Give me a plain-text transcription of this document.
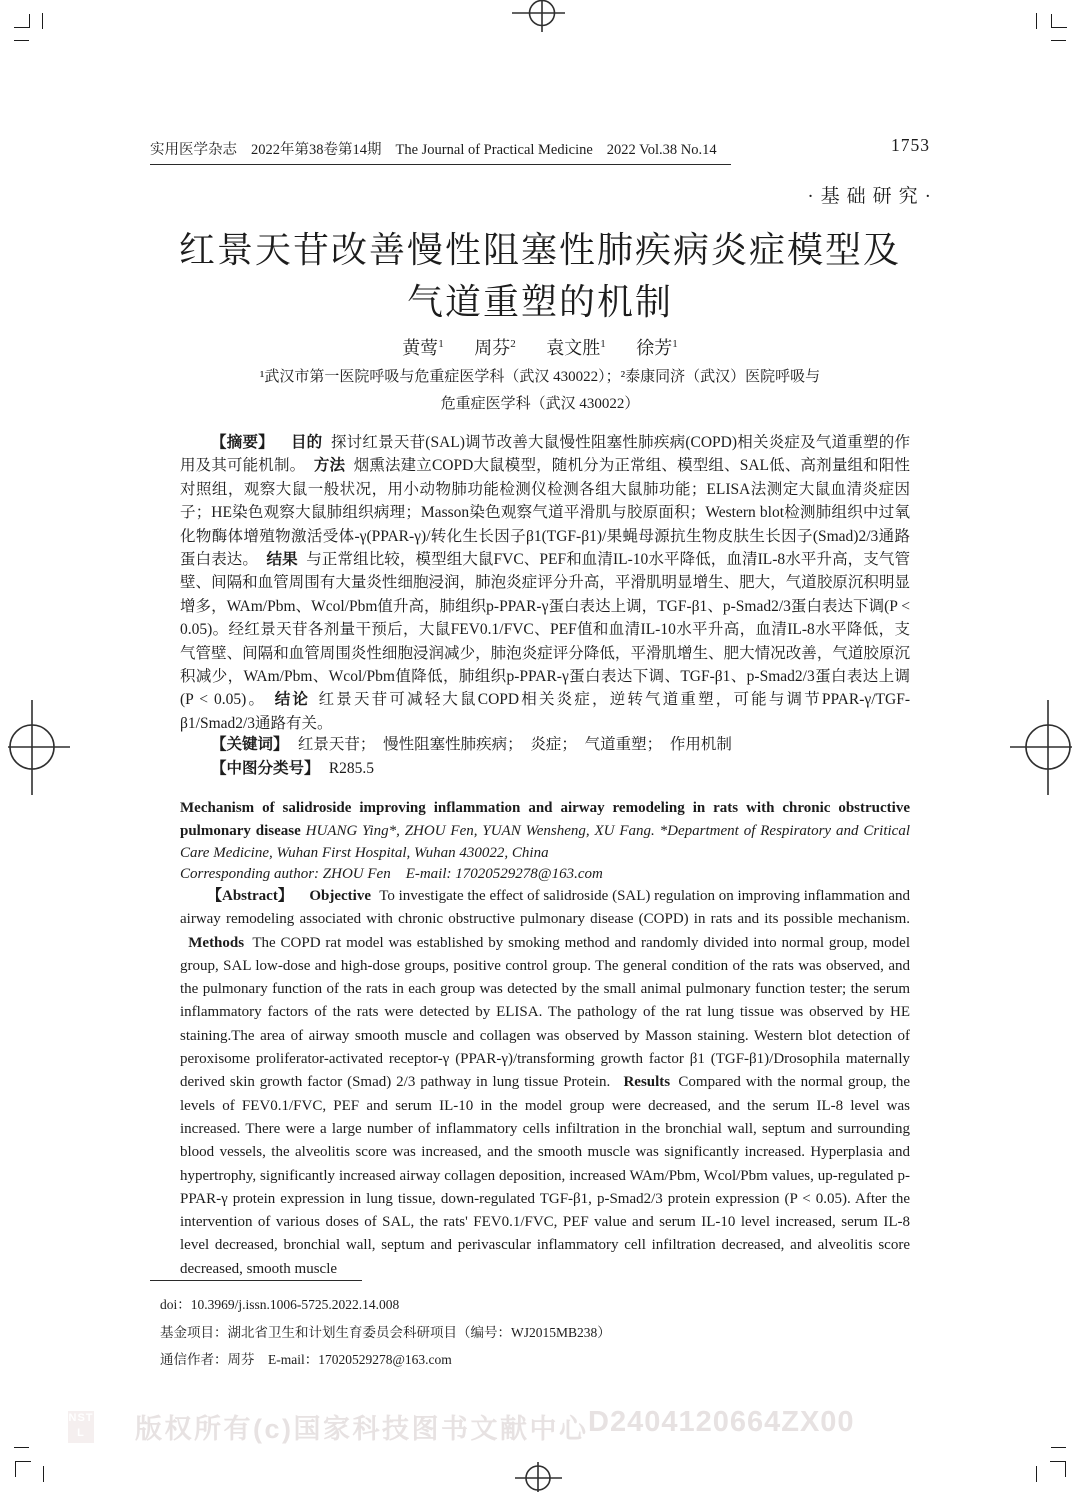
实用医学杂志 2022年第38卷第14期 The Journal of Practical Medicine 2022 Vol.38 No.14	1753
·基础研究·
红景天苷改善慢性阻塞性肺疾病炎症模型及
气道重塑的机制
黄莺$^1$ 周芬$^2$ 袁文胜$^1$ 徐芳$^1$
¹武汉市第一医院呼吸与危重症医学科（武汉 430022）；²泰康同济（武汉）医院呼吸与
危重症医学科（武汉 430022）
【摘要】 目的 探讨红景天苷(SAL)调节改善大鼠慢性阻塞性肺疾病(COPD)相关炎症及气道重塑的作用及其可能机制。 方法 烟熏法建立COPD大鼠模型，随机分为正常组、模型组、SAL低、高剂量组和阳性对照组，观察大鼠一般状况，用小动物肺功能检测仪检测各组大鼠肺功能；ELISA法测定大鼠血清炎症因子；HE染色观察大鼠肺组织病理；Masson染色观察气道平滑肌与胶原面积；Western blot检测肺组织中过氧化物酶体增殖物激活受体-γ(PPAR-γ)/转化生长因子β1(TGF-β1)/果蝇母源抗生物皮肤生长因子(Smad)2/3通路蛋白表达。 结果 与正常组比较，模型组大鼠FVC、PEF和血清IL-10水平降低，血清IL-8水平升高，支气管壁、间隔和血管周围有大量炎性细胞浸润，肺泡炎症评分升高，平滑肌明显增生、肥大，气道胶原沉积明显增多，WAm/Pbm、Wcol/Pbm值升高，肺组织p-PPAR-γ蛋白表达上调，TGF-β1、p-Smad2/3蛋白表达下调(P < 0.05)。经红景天苷各剂量干预后，大鼠FEV0.1/FVC、PEF值和血清IL-10水平升高，血清IL-8水平降低，支气管壁、间隔和血管周围炎性细胞浸润减少，肺泡炎症评分降低，平滑肌增生、肥大情况改善，气道胶原沉积减少，WAm/Pbm、Wcol/Pbm值降低，肺组织p-PPAR-γ蛋白表达下调、TGF-β1、p-Smad2/3蛋白表达上调(P < 0.05)。 结论 红景天苷可减轻大鼠COPD相关炎症，逆转气道重塑，可能与调节PPAR-γ/TGF-β1/Smad2/3通路有关。
【关键词】 红景天苷；　慢性阻塞性肺疾病；　炎症；　气道重塑；　作用机制
【中图分类号】 R285.5
Mechanism of salidroside improving inflammation and airway remodeling in rats with chronic obstructive pulmonary disease HUANG Ying*, ZHOU Fen, YUAN Wensheng, XU Fang. *Department of Respiratory and Critical Care Medicine, Wuhan First Hospital, Wuhan 430022, China
Corresponding author: ZHOU Fen　E-mail: 17020529278@163.com
【Abstract】 Objective To investigate the effect of salidroside (SAL) regulation on improving inflammation and airway remodeling associated with chronic obstructive pulmonary disease (COPD) in rats and its possible mechanism. Methods The COPD rat model was established by smoking method and randomly divided into normal group, model group, SAL low-dose and high-dose groups, positive control group. The general condition of the rats was observed, and the pulmonary function of the rats in each group was detected by the small animal pulmonary function tester; the serum inflammatory factors of the rats were detected by ELISA. The pathology of the rat lung tissue was observed by HE staining.The area of airway smooth muscle and collagen was observed by Masson staining. Western blot detection of peroxisome proliferator-activated receptor-γ (PPAR-γ)/transforming growth factor β1 (TGF-β1)/Drosophila maternally derived skin growth factor (Smad) 2/3 pathway in lung tissue Protein. Results Compared with the normal group, the levels of FEV0.1/FVC, PEF and serum IL-10 in the model group were decreased, and the serum IL-8 level was increased. There were a large number of inflammatory cells infiltration in the bronchial wall, septum and surrounding blood vessels, the alveolitis score was increased, and the smooth muscle was significantly increased. Hyperplasia and hypertrophy, significantly increased airway collagen deposition, increased WAm/Pbm, Wcol/Pbm values, up-regulated p-PPAR-γ protein expression in lung tissue, down-regulated TGF-β1, p-Smad2/3 protein expression (P < 0.05). After the intervention of various doses of SAL, the rats' FEV0.1/FVC, PEF value and serum IL-10 level increased, serum IL-8 level decreased, bronchial wall, septum and perivascular inflammatory cell infiltration decreased, and alveolitis score decreased, smooth muscle
doi：10.3969/j.issn.1006-5725.2022.14.008
基金项目：湖北省卫生和计划生育委员会科研项目（编号：WJ2015MB238）
通信作者：周芬　E-mail：17020529278@163.com
NSTL	版权所有(c)国家科技图书文献中心 D2404120664ZX00
